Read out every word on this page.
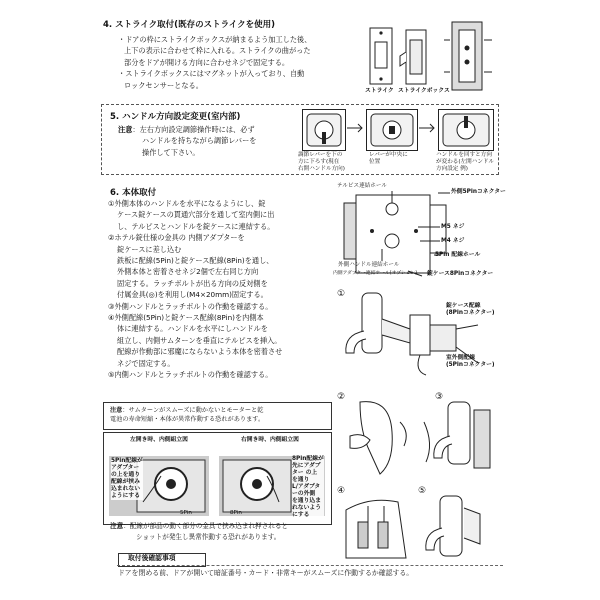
4. ストライク取付(既存のストライクを使用)
・ドアの枠にストライクボックスが納まるよう加工した後、
上下の表示に合わせて枠に入れる。ストライクの曲がった
部分をドアが開ける方向に合わせネジで固定する。
・ストライクボックスにはマグネットが入っており、自動
ロックセンサーとなる。
ストライク ストライクボックス
5. ハンドル方向設定変更(室内部)
注意：左右方向設定調節操作時には、必ず
ハンドルを持ちながら調節レバーを
操作して下さい。	調節レバーを下の
方に下ろす(現在
右開ハンドル方向)
レバーが中央に
位置
ハンドルを回すと方向
が変わる(左開ハンドル
方向設定 例)
6. 本体取付
①外側本体のハンドルを水平になるようにし、錠
ケース錠ケースの貫通穴部分を通して室内側に出
し、テルピスとハンドルを錠ケースに連結する。
②ホテル錠仕様の金具の 内側アダプターを
錠ケースに差し込む
鉄板に配線(5Pin)と錠ケース配線(8Pin)を通し、
外側本体と密着させネジ2個で左右同じ方向
固定する。ラッチボルトが出る方向の反対側を
付属金具(◎)を利用し(M4×20mm)固定する。
③外側ハンドルとラッチボルトの作動を確認する。
④外側配線(5Pin)と錠ケース配線(8Pin)を内側本
体に連結する。ハンドルを水平にしハンドルを
組立し、内側サムターンを垂直にテルピスを挿入。
配線が作動部に邪魔にならないよう本体を密着させ
ネジで固定する。
⑤内側ハンドルとラッチボルトの作動を確認する。
テルピス連結ホール
外側5Pinコネクター
M5 ネジ
M4 ネジ
5Pin 配線ホール
外側ハンドル連結ホール
内側アダプター連結ホール(オプション) 錠ケース8Pinコネクター
①
錠ケース配線
(8Pinコネクター)
室外側配線
(5Pinコネクター)
注意：サムターンがスムーズに動かないとモーターと乾
電池の寿命短縮・本体が異常作動する恐れがあります。
②	③
左開き時、内側組立図	右開き時、内側組立図
5Pin配線が
アダプター
の上を通り
配線が挟み
込まれない
ようにする
5Pin
8Pin配線が
先にアダプ
ター の上
を通り
L/アダプタ
ーの外側
を通り込ま
れないよう
にする
8Pin
注意：配線が部品の動く部分の金具で挟み込まれ押されると
ショットが発生し異常作動する恐れがあります。
④	⑤
取付後確認事項
ドアを閉める前、ドアが開いて暗証番号・カード・非常キーがスムーズに作動するか確認する。
